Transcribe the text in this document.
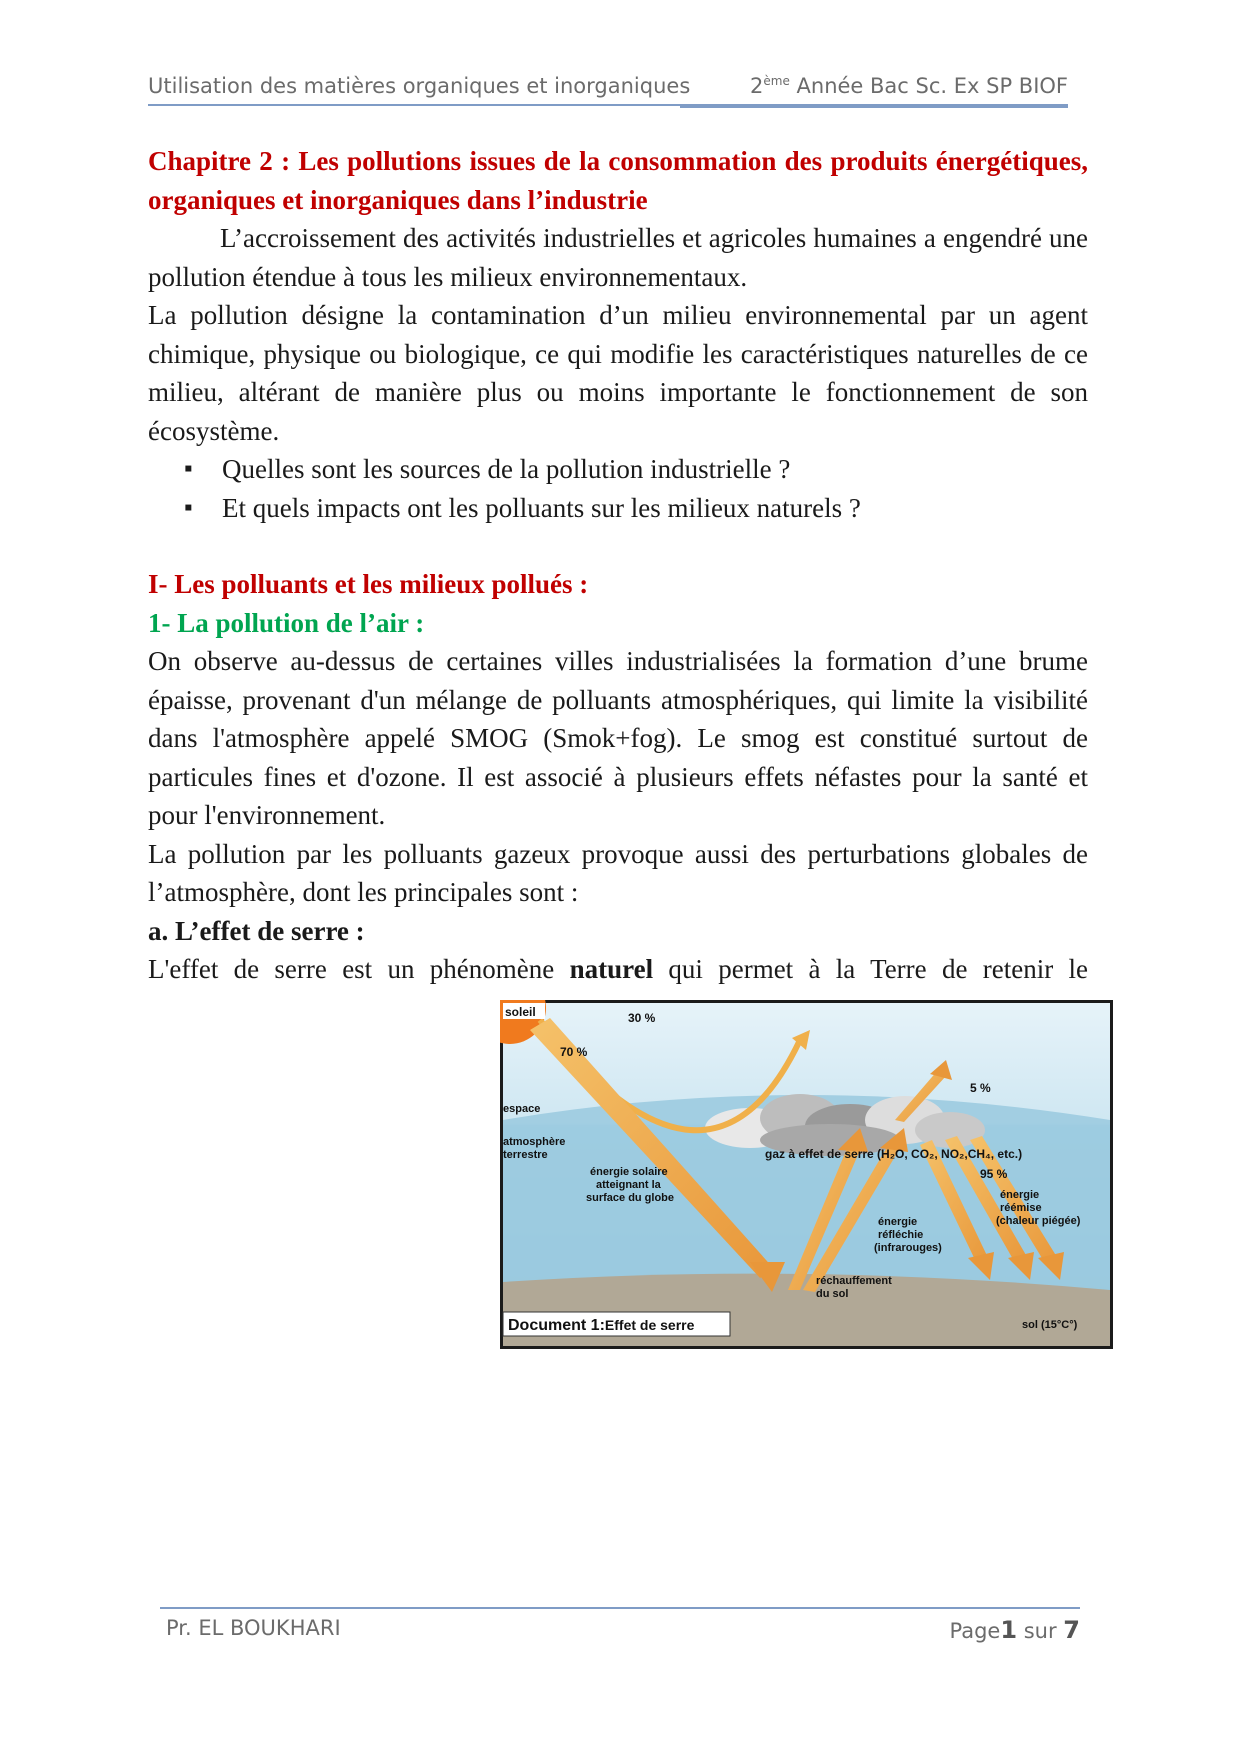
Utilisation des matières organiques et inorganiques	2ème Année Bac Sc. Ex SP BIOF

Chapitre 2 : Les pollutions issues de la consommation des produits énergétiques, organiques et inorganiques dans l’industrie

L’accroissement des activités industrielles et agricoles humaines a engendré une pollution étendue à tous les milieux environnementaux.

La pollution désigne la contamination d’un milieu environnemental par un agent chimique, physique ou biologique, ce qui modifie les caractéristiques naturelles de ce milieu, altérant de manière plus ou moins importante le fonctionnement de son écosystème.

▪ Quelles sont les sources de la pollution industrielle ?
▪ Et quels impacts ont les polluants sur les milieux naturels ?

I- Les polluants et les milieux pollués :

1- La pollution de l’air :

On observe au-dessus de certaines villes industrialisées la formation d’une brume épaisse, provenant d'un mélange de polluants atmosphériques, qui limite la visibilité dans l'atmosphère appelé SMOG (Smok+fog). Le smog est constitué surtout de particules fines et d'ozone. Il est associé à plusieurs effets néfastes pour la santé et pour l'environnement.

La pollution par les polluants gazeux provoque aussi des perturbations globales de l’atmosphère, dont les principales sont :

a. L’effet de serre :

soleil	30 %
70 %
5 %
espace
atmosphère
terrestre	gaz à effet de serre (H₂O, CO₂, NO₂,CH₄, etc.)
95 %
énergie solaire
atteignant la
surface du globe	énergie
réémise
(chaleur piégée)
énergie
réfléchie
(infrarouges)
réchauffement
du sol
sol (15°C°)
Document 1:Effet de serre

Pr. EL BOUKHARI	Page1 sur 7

L'effet de serre est un phénomène naturel qui permet à la Terre de retenir le
